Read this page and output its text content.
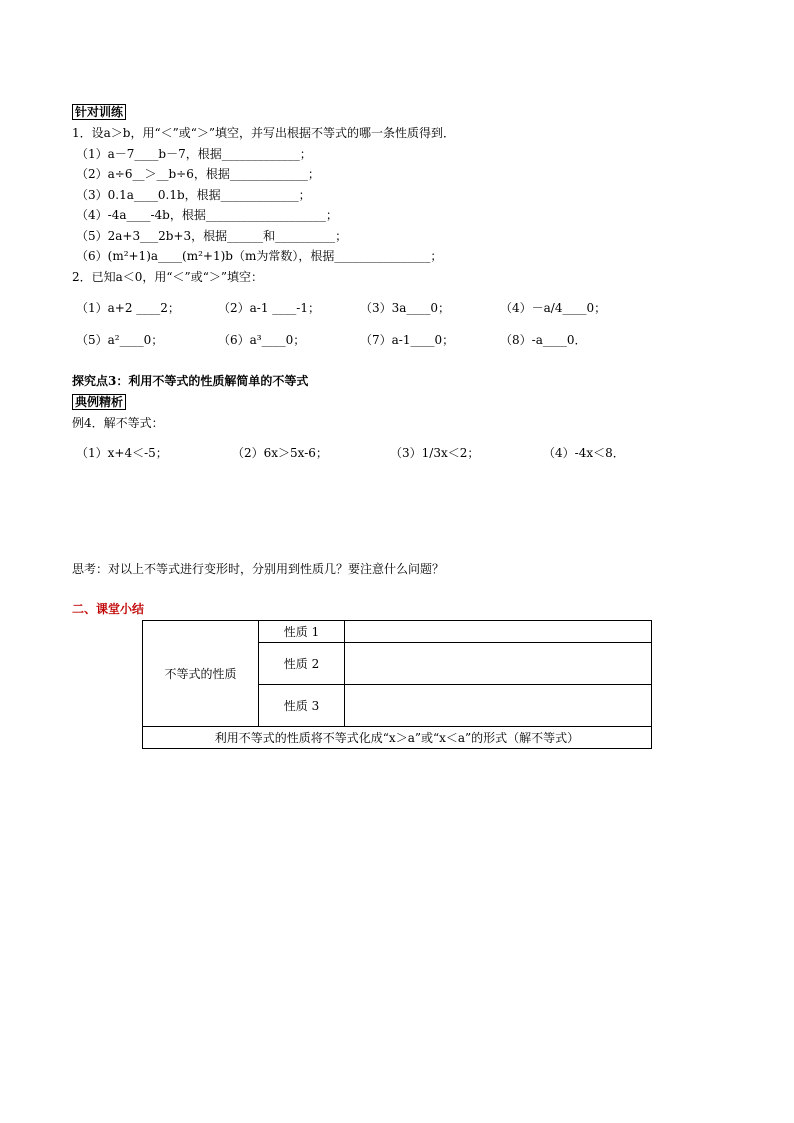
针对训练
1．设a＞b，用“＜”或“＞”填空，并写出根据不等式的哪一条性质得到．
（1）a－7____b－7，根据_____________；
（2）a÷6__＞__b÷6，根据_____________；
（3）0.1a____0.1b，根据_____________；
（4）-4a____-4b，根据____________________；
（5）2a+3___2b+3，根据______和__________；
（6）(m²+1)a____(m²+1)b（m为常数），根据________________；
2．已知a＜0，用“＜”或“＞”填空：
（1）a+2 ____2；	（2）a-1 ____-1；	（3）3a____0；	（4）－a/4____0；
（5）a²____0；	（6）a³____0；	（7）a-1____0；	（8）-a____0．
探究点3：利用不等式的性质解简单的不等式
典例精析
例4．解不等式：
（1）x+4＜-5；	（2）6x＞5x-6；	（3）1/3x＜2；	（4）-4x＜8．
思考：对以上不等式进行变形时，分别用到性质几？要注意什么问题？
二、课堂小结
不等式的性质	性质 1	
	性质 2	
	性质 3	
利用不等式的性质将不等式化成“x＞a”或“x＜a”的形式（解不等式）		
